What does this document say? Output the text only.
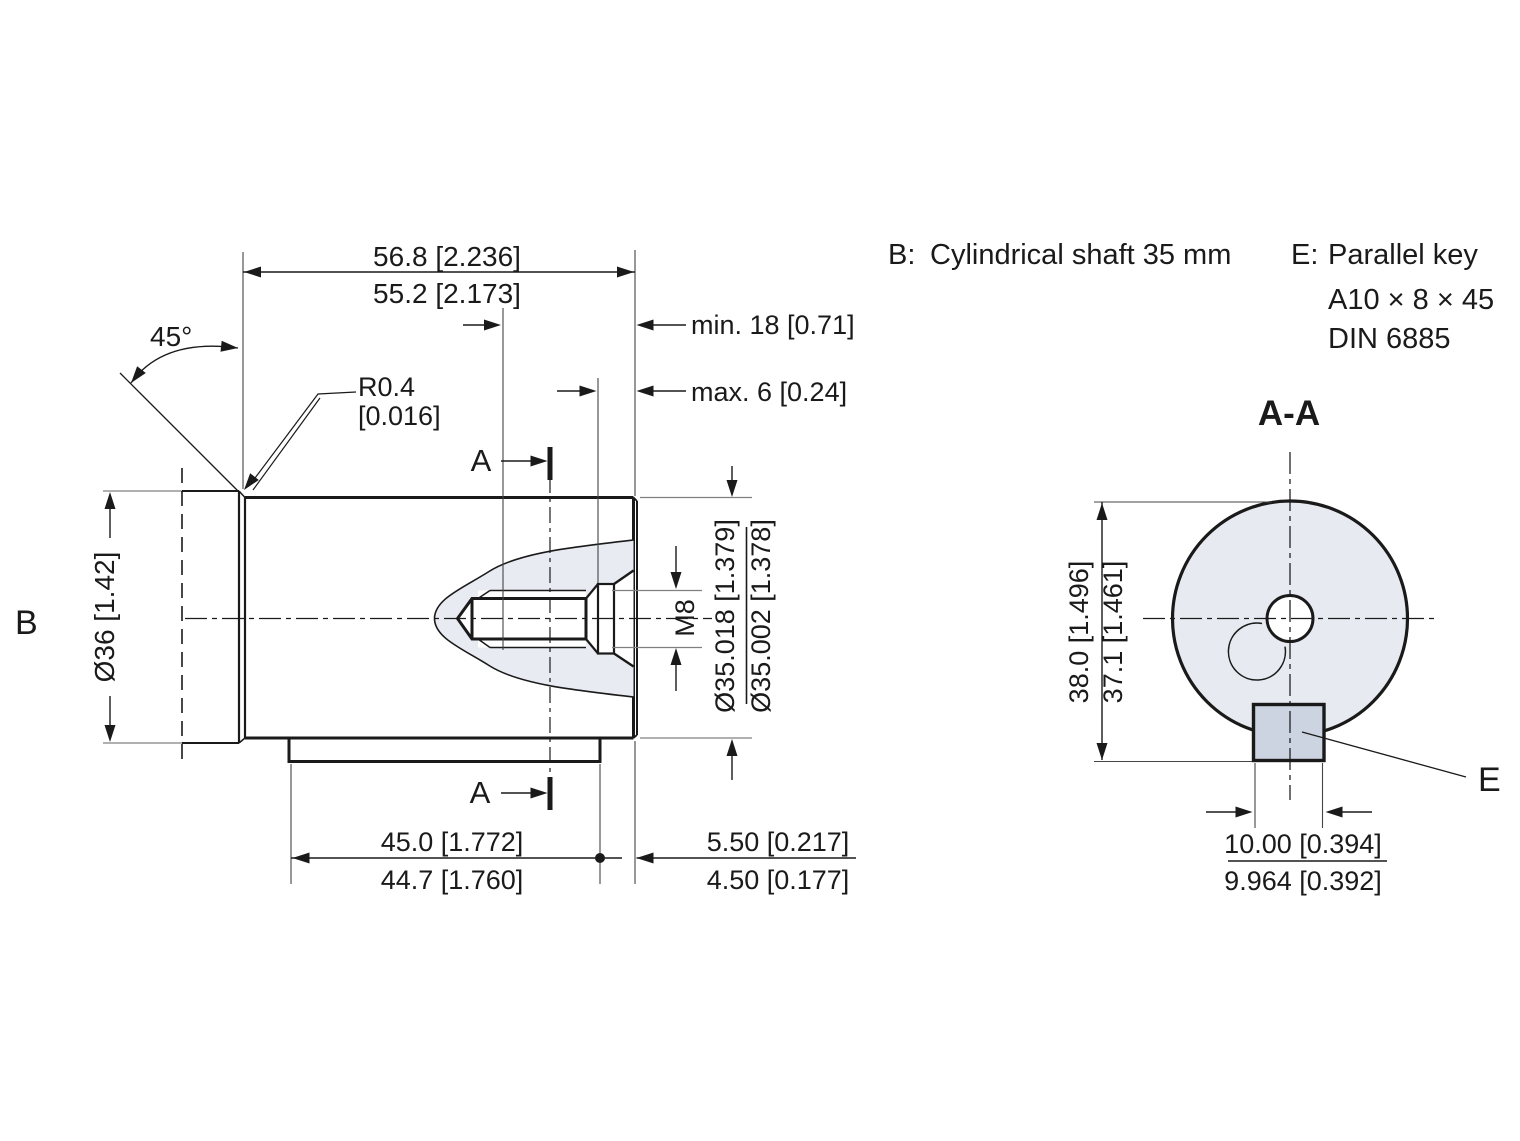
56.8 [2.236]
55.2 [2.173]
min. 18 [0.71]
max. 6 [0.24]
Ø36 [1.42]	Ø35.018 [1.379] Ø35.002 [1.378]
M8
45.0 [1.772]
44.7 [1.760]
5.50 [0.217]
4.50 [0.177]
A
A
45°
R0.4
[0.016]
B
A-A
E
38.0 [1.496] 37.1 [1.461]
10.00 [0.394]
9.964 [0.392]
B: Cylindrical shaft 35 mm E: Parallel key
A10 × 8 × 45
DIN 6885
